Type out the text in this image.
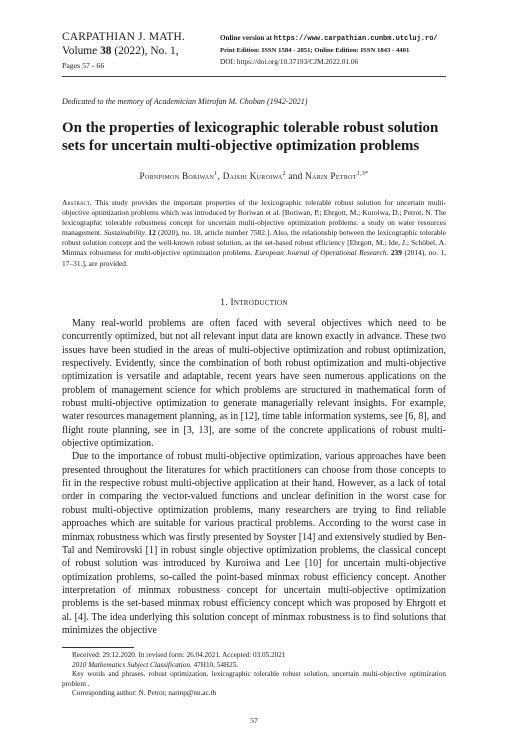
CARPATHIAN J. MATH.
Volume 38 (2022), No. 1,
Pages 57 - 66
Online version at https://www.carpathian.cunbm.utcluj.ro/
Print Edition: ISSN 1584 - 2851; Online Edition: ISSN 1843 - 4401
DOI: https://doi.org/10.37193/CJM.2022.01.06
Dedicated to the memory of Academician Mitrofan M. Choban (1942-2021)
On the properties of lexicographic tolerable robust solution sets for uncertain multi-objective optimization problems
Pornpimon Boriwan$^1$, Daishi Kuroiwa$^2$ and Narin Petrot$^{1,3*}$
Abstract. This study provides the important properties of the lexicographic tolerable robust solution for uncertain multi-objective optimization problems which was introduced by Boriwan et al. [Boriwan, P.; Ehrgott, M.; Kuroiwa, D.; Petrot, N. The lexicographic tolerable robustness concept for uncertain multi-objective optimization problems: a study on water resources management. Sustainability. 12 (2020), no. 18, article number 7582.]. Also, the relationship between the lexicographic tolerable robust solution concept and the well-known robust solution, as the set-based robust efficiency [Ehrgott, M.; Ide, J.; Schöbel, A. Minmax robustness for multi-objective optimization problems. European Journal of Operational Research. 239 (2014), no. 1, 17–31.], are provided.
1. Introduction

Many real-world problems are often faced with several objectives which need to be concurrently optimized, but not all relevant input data are known exactly in advance. These two issues have been studied in the areas of multi-objective optimization and robust optimization, respectively. Evidently, since the combination of both robust optimization and multi-objective optimization is versatile and adaptable, recent years have seen numerous applications on the problem of management science for which problems are structured in mathematical form of robust multi-objective optimization to generate managerially relevant insights. For example, water resources management planning, as in [12], time table information systems, see [6, 8], and flight route planning, see in [3, 13], are some of the concrete applications of robust multi-objective optimization.

Due to the importance of robust multi-objective optimization, various approaches have been presented throughout the literatures for which practitioners can choose from those concepts to fit in the respective robust multi-objective application at their hand. However, as a lack of total order in comparing the vector-valued functions and unclear definition in the worst case for robust multi-objective optimization problems, many researchers are trying to find reliable approaches which are suitable for various practical problems. According to the worst case in minmax robustness which was firstly presented by Soyster [14] and extensively studied by Ben-Tal and Nemirovski [1] in robust single objective optimization problems, the classical concept of robust solution was introduced by Kuroiwa and Lee [10] for uncertain multi-objective optimization problems, so-called the point-based minmax robust efficiency concept. Another interpretation of minmax robustness concept for uncertain multi-objective optimization problems is the set-based minmax robust efficiency concept which was proposed by Ehrgott et al. [4]. The idea underlying this solution concept of minmax robustness is to find solutions that minimizes the objective

Received: 29.12.2020. In revised form: 26.04.2021. Accepted: 03.05.2021
2010 Mathematics Subject Classification. 47H10, 54H25.
Key words and phrases. robust optimization, lexicographic tolerable robust solution, uncertain multi-objective optimization problem .
Corresponding author: N. Petrot; narinp@nu.ac.th
57
